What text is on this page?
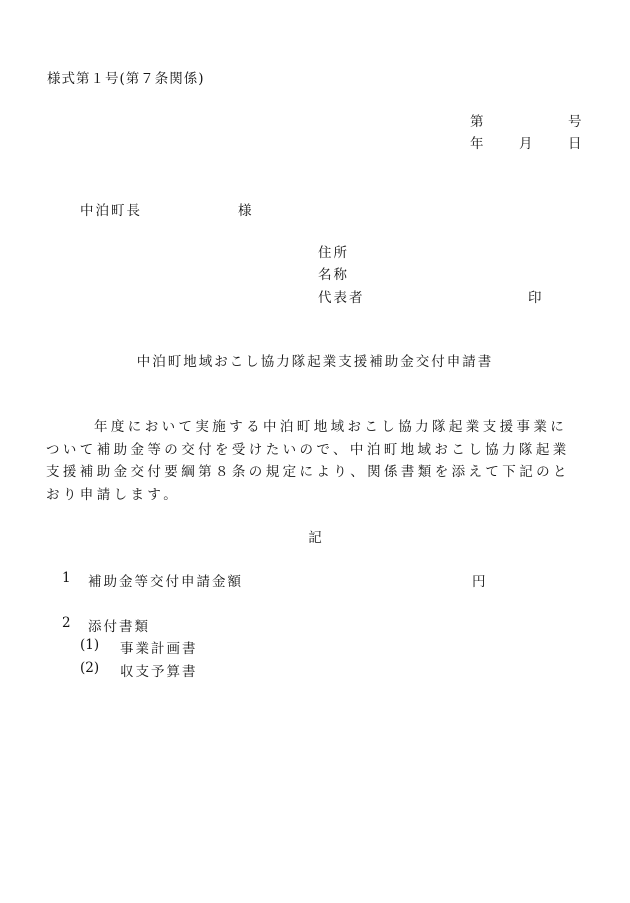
様式第１号(第７条関係)
第	号
年	月	日
中泊町長	様
住所
名称
代表者	印
中泊町地域おこし協力隊起業支援補助金交付申請書

年度において実施する中泊町地域おこし協力隊起業支援事業について補助金等の交付を受けたいので、中泊町地域おこし協力隊起業支援補助金交付要綱第８条の規定により、関係書類を添えて下記のとおり申請します。

記
1 補助金等交付申請金額	円
2 添付書類
(1) 事業計画書
(2) 収支予算書
